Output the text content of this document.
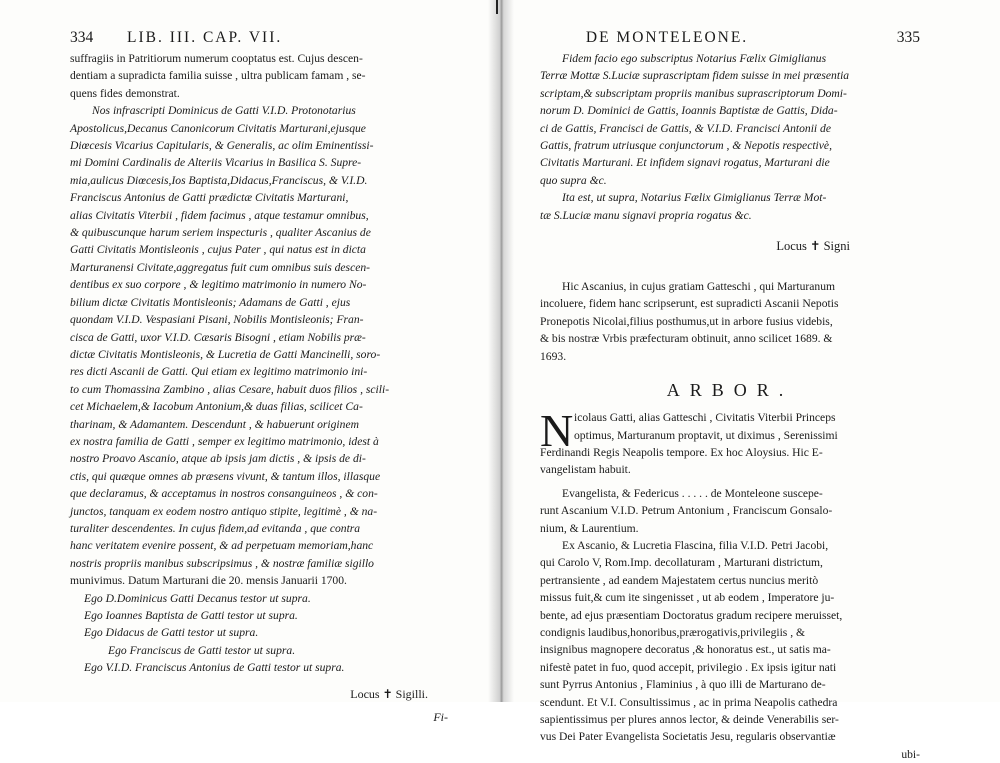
334 LIB. III. CAP. VII.
suffragiis in Patritiorum numerum cooptatus est. Cujus descen-
dentiam a supradicta familia suisse , ultra publicam famam , se-
quens fides demonstrat.
Nos infrascripti Dominicus de Gatti V.I.D. Protonotarius
Apostolicus,Decanus Canonicorum Civitatis Marturani,ejusque
Diœcesis Vicarius Capitularis, & Generalis, ac olim Eminentissi-
mi Domini Cardinalis de Alteriis Vicarius in Basilica S. Supre-
mia,aulicus Diœcesis,Ios Baptista,Didacus,Franciscus, & V.I.D.
Franciscus Antonius de Gatti prædictæ Civitatis Marturani,
alias Civitatis Viterbii , fidem facimus , atque testamur omnibus,
& quibuscunque harum seriem inspecturis , qualiter Ascanius de
Gatti Civitatis Montisleonis , cujus Pater , qui natus est in dicta
Marturanensi Civitate,aggregatus fuit cum omnibus suis descen-
dentibus ex suo corpore , & legitimo matrimonio in numero No-
bilium dictæ Civitatis Montisleonis; Adamans de Gatti , ejus
quondam V.I.D. Vespasiani Pisani, Nobilis Montisleonis; Fran-
cisca de Gatti, uxor V.I.D. Cæsaris Bisogni , etiam Nobilis præ-
dictæ Civitatis Montisleonis, & Lucretia de Gatti Mancinelli, soro-
res dicti Ascanii de Gatti. Qui etiam ex legitimo matrimonio ini-
to cum Thomassina Zambino , alias Cesare, habuit duos filios , scili-
cet Michaelem,& Iacobum Antonium,& duas filias, scilicet Ca-
tharinam, & Adamantem. Descendunt , & habuerunt originem
ex nostra familia de Gatti , semper ex legitimo matrimonio, idest à
nostro Proavo Ascanio, atque ab ipsis jam dictis , & ipsis de di-
ctis, qui quæque omnes ab præsens vivunt, & tantum illos, illasque
que declaramus, & acceptamus in nostros consanguineos , & con-
junctos, tanquam ex eodem nostro antiquo stipite, legitimè , & na-
turaliter descendentes. In cujus fidem,ad evitanda , que contra
hanc veritatem evenire possent, & ad perpetuam memoriam,hanc
nostris propriis manibus subscripsimus , & nostræ familiæ sigillo
munivimus. Datum Marturani die 20. mensis Januarii 1700.
Ego D.Dominicus Gatti Decanus testor ut supra.
Ego Ioannes Baptista de Gatti testor ut supra.
Ego Didacus de Gatti testor ut supra.
Ego Franciscus de Gatti testor ut supra.
Ego V.I.D. Franciscus Antonius de Gatti testor ut supra.
Locus ✝ Sigilli.
Fi-
DE MONTELEONE.	335
Fidem facio ego subscriptus Notarius Fælix Gimiglianus
Terræ Mottæ S.Luciæ suprascriptam fidem suisse in mei præsentia
scriptam,& subscriptam propriis manibus suprascriptorum Domi-
norum D. Dominici de Gattis, Ioannis Baptistæ de Gattis, Dida-
ci de Gattis, Francisci de Gattis, & V.I.D. Francisci Antonii de
Gattis, fratrum utriusque conjunctorum , & Nepotis respectivè,
Civitatis Marturani. Et infidem signavi rogatus, Marturani die
quo supra &c.
Ita est, ut supra, Notarius Fælix Gimiglianus Terræ Mot-
tæ S.Luciæ manu signavi propria rogatus &c.
Locus ✝ Signi
Hic Ascanius, in cujus gratiam Gatteschi , qui Marturanum
incoluere, fidem hanc scripserunt, est supradicti Ascanii Nepotis
Pronepotis Nicolai,filius posthumus,ut in arbore fusius videbis,
& bis nostræ Vrbis præfecturam obtinuit, anno scilicet 1689. &
1693.
ARBOR.
N icolaus Gatti, alias Gatteschi , Civitatis Viterbii Princeps
optimus, Marturanum proptavit, ut diximus , Serenissimi
Ferdinandi Regis Neapolis tempore. Ex hoc Aloysius. Hic E-
vangelistam habuit.
Evangelista, & Federicus . . . . . de Monteleone suscepe-
runt Ascanium V.I.D. Petrum Antonium , Franciscum Gonsalo-
nium, & Laurentium.
Ex Ascanio, & Lucretia Flascina, filia V.I.D. Petri Jacobi,
qui Carolo V, Rom.Imp. decollaturam , Marturani districtum,
pertransiente , ad eandem Majestatem certus nuncius meritò
missus fuit,& cum ite singenisset , ut ab eodem , Imperatore ju-
bente, ad ejus præsentiam Doctoratus gradum recipere meruisset,
condignis laudibus,honoribus,prærogativis,privilegiis , &
insignibus magnopere decoratus ,& honoratus est., ut satis ma-
nifestè patet in fuo, quod accepit, privilegio . Ex ipsis igitur nati
sunt Pyrrus Antonius , Flaminius , à quo illi de Marturano de-
scendunt. Et V.I. Consultissimus , ac in prima Neapolis cathedra
sapientissimus per plures annos lector, & deinde Venerabilis ser-
vus Dei Pater Evangelista Societatis Jesu, regularis observantiæ
ubi-
